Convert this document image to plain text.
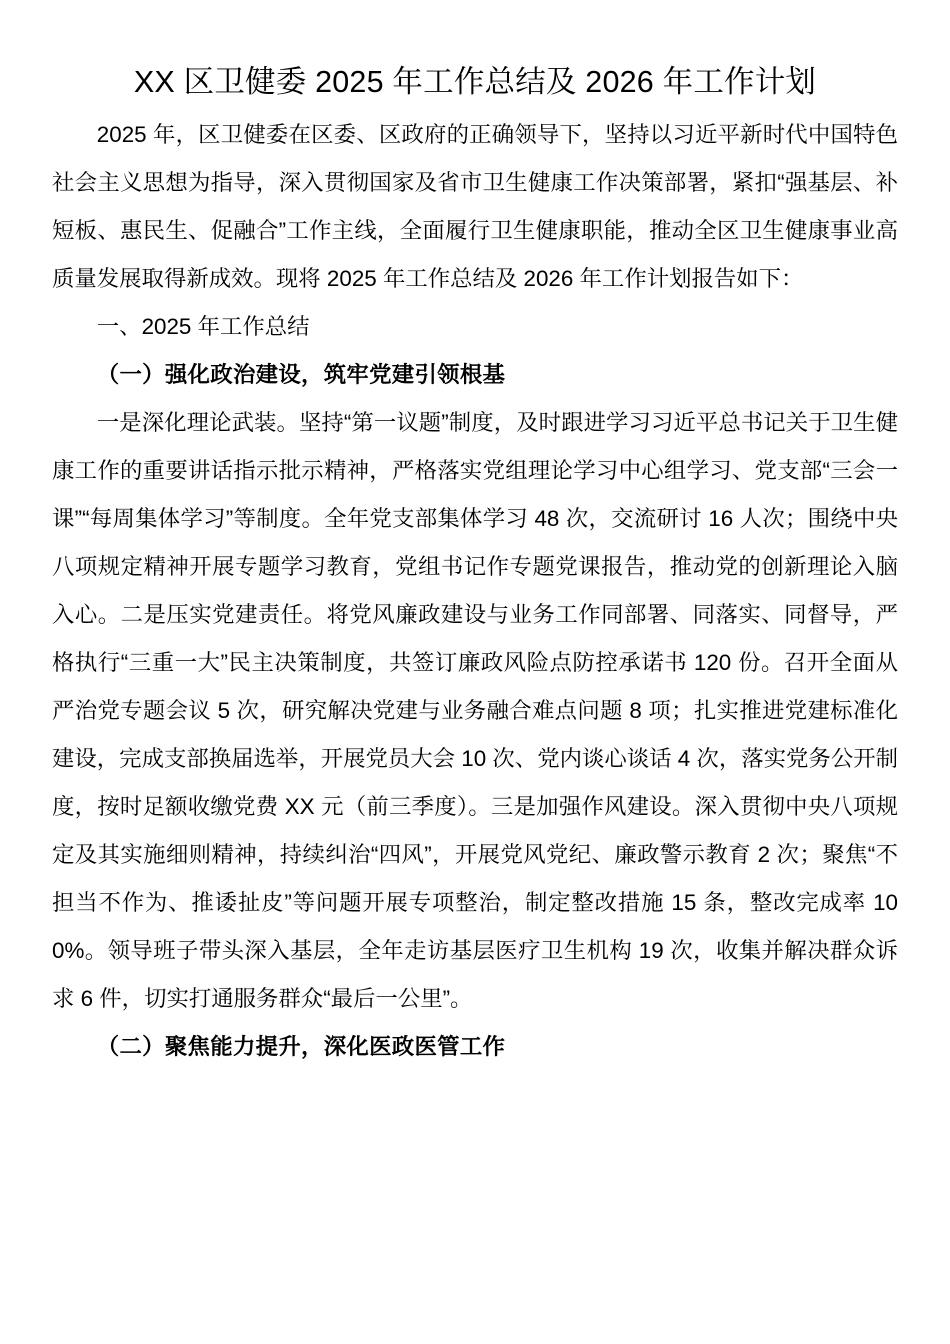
XX 区卫健委 2025 年工作总结及 2026 年工作计划

2025 年，区卫健委在区委、区政府的正确领导下，坚持以习近平新时代中国特色社会主义思想为指导，深入贯彻国家及省市卫生健康工作决策部署，紧扣“强基层、补短板、惠民生、促融合”工作主线，全面履行卫生健康职能，推动全区卫生健康事业高质量发展取得新成效。现将 2025 年工作总结及 2026 年工作计划报告如下：

一、2025 年工作总结

（一）强化政治建设，筑牢党建引领根基

一是深化理论武装。坚持“第一议题”制度，及时跟进学习习近平总书记关于卫生健康工作的重要讲话指示批示精神，严格落实党组理论学习中心组学习、党支部“三会一课”“每周集体学习”等制度。全年党支部集体学习 48 次，交流研讨 16 人次；围绕中央八项规定精神开展专题学习教育，党组书记作专题党课报告，推动党的创新理论入脑入心。二是压实党建责任。将党风廉政建设与业务工作同部署、同落实、同督导，严格执行“三重一大”民主决策制度，共签订廉政风险点防控承诺书 120 份。召开全面从严治党专题会议 5 次，研究解决党建与业务融合难点问题 8 项；扎实推进党建标准化建设，完成支部换届选举，开展党员大会 10 次、党内谈心谈话 4 次，落实党务公开制度，按时足额收缴党费 XX 元（前三季度）。三是加强作风建设。深入贯彻中央八项规定及其实施细则精神，持续纠治“四风”，开展党风党纪、廉政警示教育 2 次；聚焦“不担当不作为、推诿扯皮”等问题开展专项整治，制定整改措施 15 条，整改完成率 100%。领导班子带头深入基层，全年走访基层医疗卫生机构 19 次，收集并解决群众诉求 6 件，切实打通服务群众“最后一公里”。

（二）聚焦能力提升，深化医政医管工作
